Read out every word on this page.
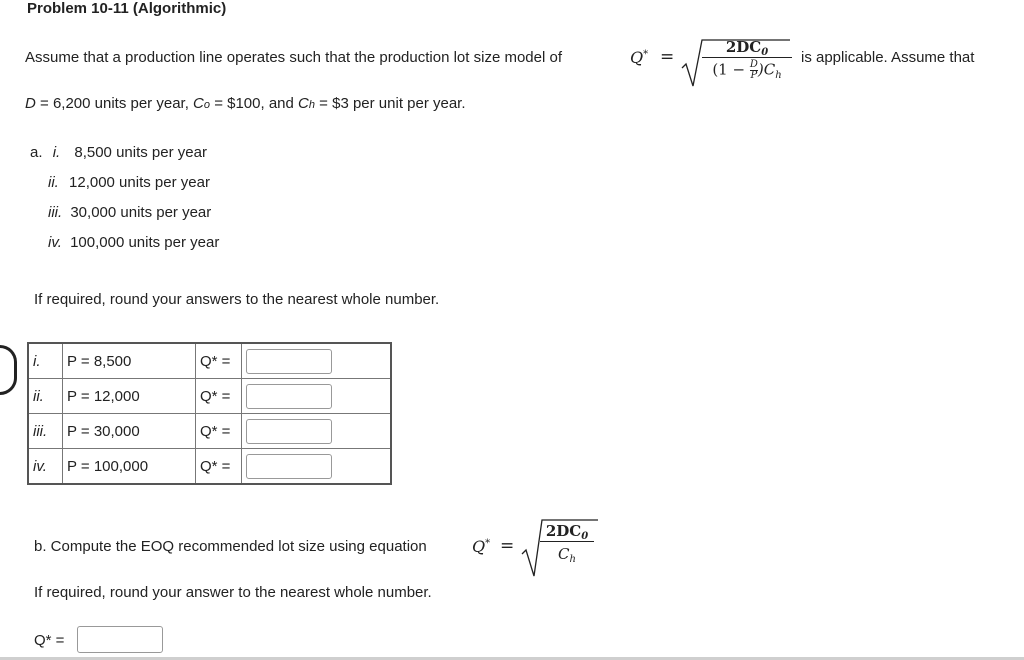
Problem 10-11 (Algorithmic)
Assume that a production line operates such that the production lot size model of	Q* =	$2DC_0$
$(1 - \frac{D}{P} )C_h$
is applicable. Assume that
D = 6,200 units per year, Co = $100, and Ch = $3 per unit per year.
a. i. 8,500 units per year
ii. 12,000 units per year
iii. 30,000 units per year
iv. 100,000 units per year
If required, round your answers to the nearest whole number.
i.	P = 8,500	Q* =	
ii.	P = 12,000	Q* =	
iii.	P = 30,000	Q* =	
iv.	P = 100,000	Q* =	
b. Compute the EOQ recommended lot size using equation	Q* =
$2DC_0$
$C_h$
If required, round your answer to the nearest whole number.
Q* =
